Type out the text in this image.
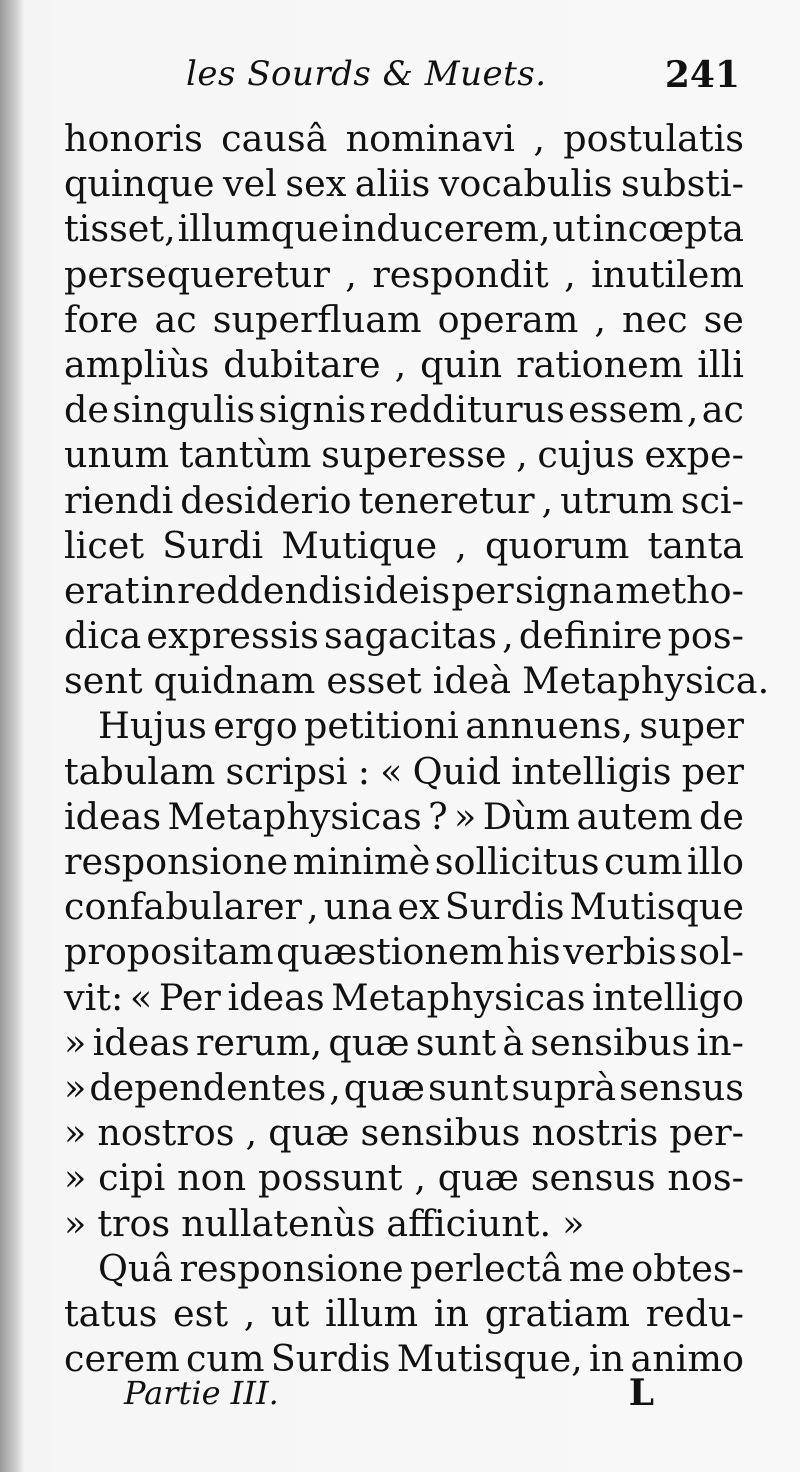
les Sourds & Muets.	241
honoris causâ nominavi , postulatis
quinque vel sex aliis vocabulis substi-
tisset, illumque inducerem, ut incœpta
persequeretur , respondit , inutilem
fore ac superfluam operam , nec se
ampliùs dubitare , quin rationem illi
de singulis signis redditurus essem , ac
unum tantùm superesse , cujus expe-
riendi desiderio teneretur , utrum sci-
licet Surdi Mutique , quorum tanta
erat in reddendis ideis per signa metho-
dica expressis sagacitas , definire pos-
sent quidnam esset ideà Metaphysica.
Hujus ergo petitioni annuens, super
tabulam scripsi : « Quid intelligis per
ideas Metaphysicas ? » Dùm autem de
responsione minimè sollicitus cum illo
confabularer , una ex Surdis Mutisque
propositam quæstionem his verbis sol-
vit: « Per ideas Metaphysicas intelligo
» ideas rerum, quæ sunt à sensibus in-
» dependentes , quæ sunt suprà sensus
» nostros , quæ sensibus nostris per-
» cipi non possunt , quæ sensus nos-
» tros nullatenùs afficiunt. »
Quâ responsione perlectâ me obtes-
tatus est , ut illum in gratiam redu-
cerem cum Surdis Mutisque, in animo
Partie III.	L
